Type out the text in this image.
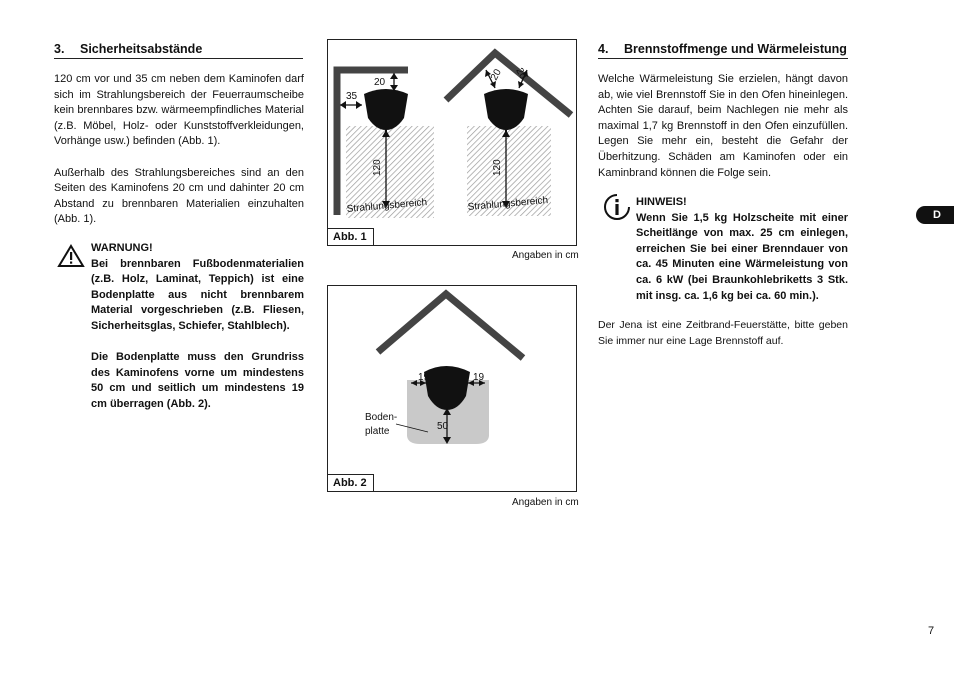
3. Sicherheitsabstände

120 cm vor und 35 cm neben dem Kaminofen darf sich im Strahlungsbereich der Feuerraumscheibe kein brennbares bzw. wärmeempfindliches Material (z.B. Möbel, Holz- oder Kunststoffverkleidungen, Vorhänge usw.) befinden (Abb. 1).

Außerhalb des Strahlungsbereiches sind an den Seiten des Kaminofens 20 cm und dahinter 20 cm Abstand zu brennbaren Materialien einzuhalten (Abb. 1).

WARNUNG!

Bei brennbaren Fußbodenmaterialien (z.B. Holz, Laminat, Teppich) ist eine Bodenplatte aus nicht brennbarem Material vorgeschrieben (z.B. Fliesen, Sicherheitsglas, Schiefer, Stahlblech).

Die Bodenplatte muss den Grundriss des Kaminofens vorne um mindestens 50 cm und seitlich um mindestens 19 cm überragen (Abb. 2).

20
35
120
Strahlungsbereich
20 20
120
Strahlungsbereich
Abb. 1
Angaben in cm
19	19
50
Boden-
platte
Abb. 2
Angaben in cm
4. Brennstoffmenge und Wärmeleistung
Welche Wärmeleistung Sie erzielen, hängt davon ab, wie viel Brennstoff Sie in den Ofen hineinlegen. Achten Sie darauf, beim Nachlegen nie mehr als maximal 1,7 kg Brennstoff in den Ofen einzufüllen. Legen Sie mehr ein, besteht die Gefahr der Überhitzung. Schäden am Kaminofen oder ein Kaminbrand können die Folge sein.
HINWEIS!
Wenn Sie 1,5 kg Holzscheite mit einer Scheitlänge von max. 25 cm einlegen, erreichen Sie bei einer Brenndauer von ca. 45 Minuten eine Wärmeleistung von ca. 6 kW (bei Braunkohlebriketts 3 Stk. mit insg. ca. 1,6 kg bei ca. 60 min.).
Der Jena ist eine Zeitbrand-Feuerstätte, bitte geben Sie immer nur eine Lage Brennstoff auf.
D
7
